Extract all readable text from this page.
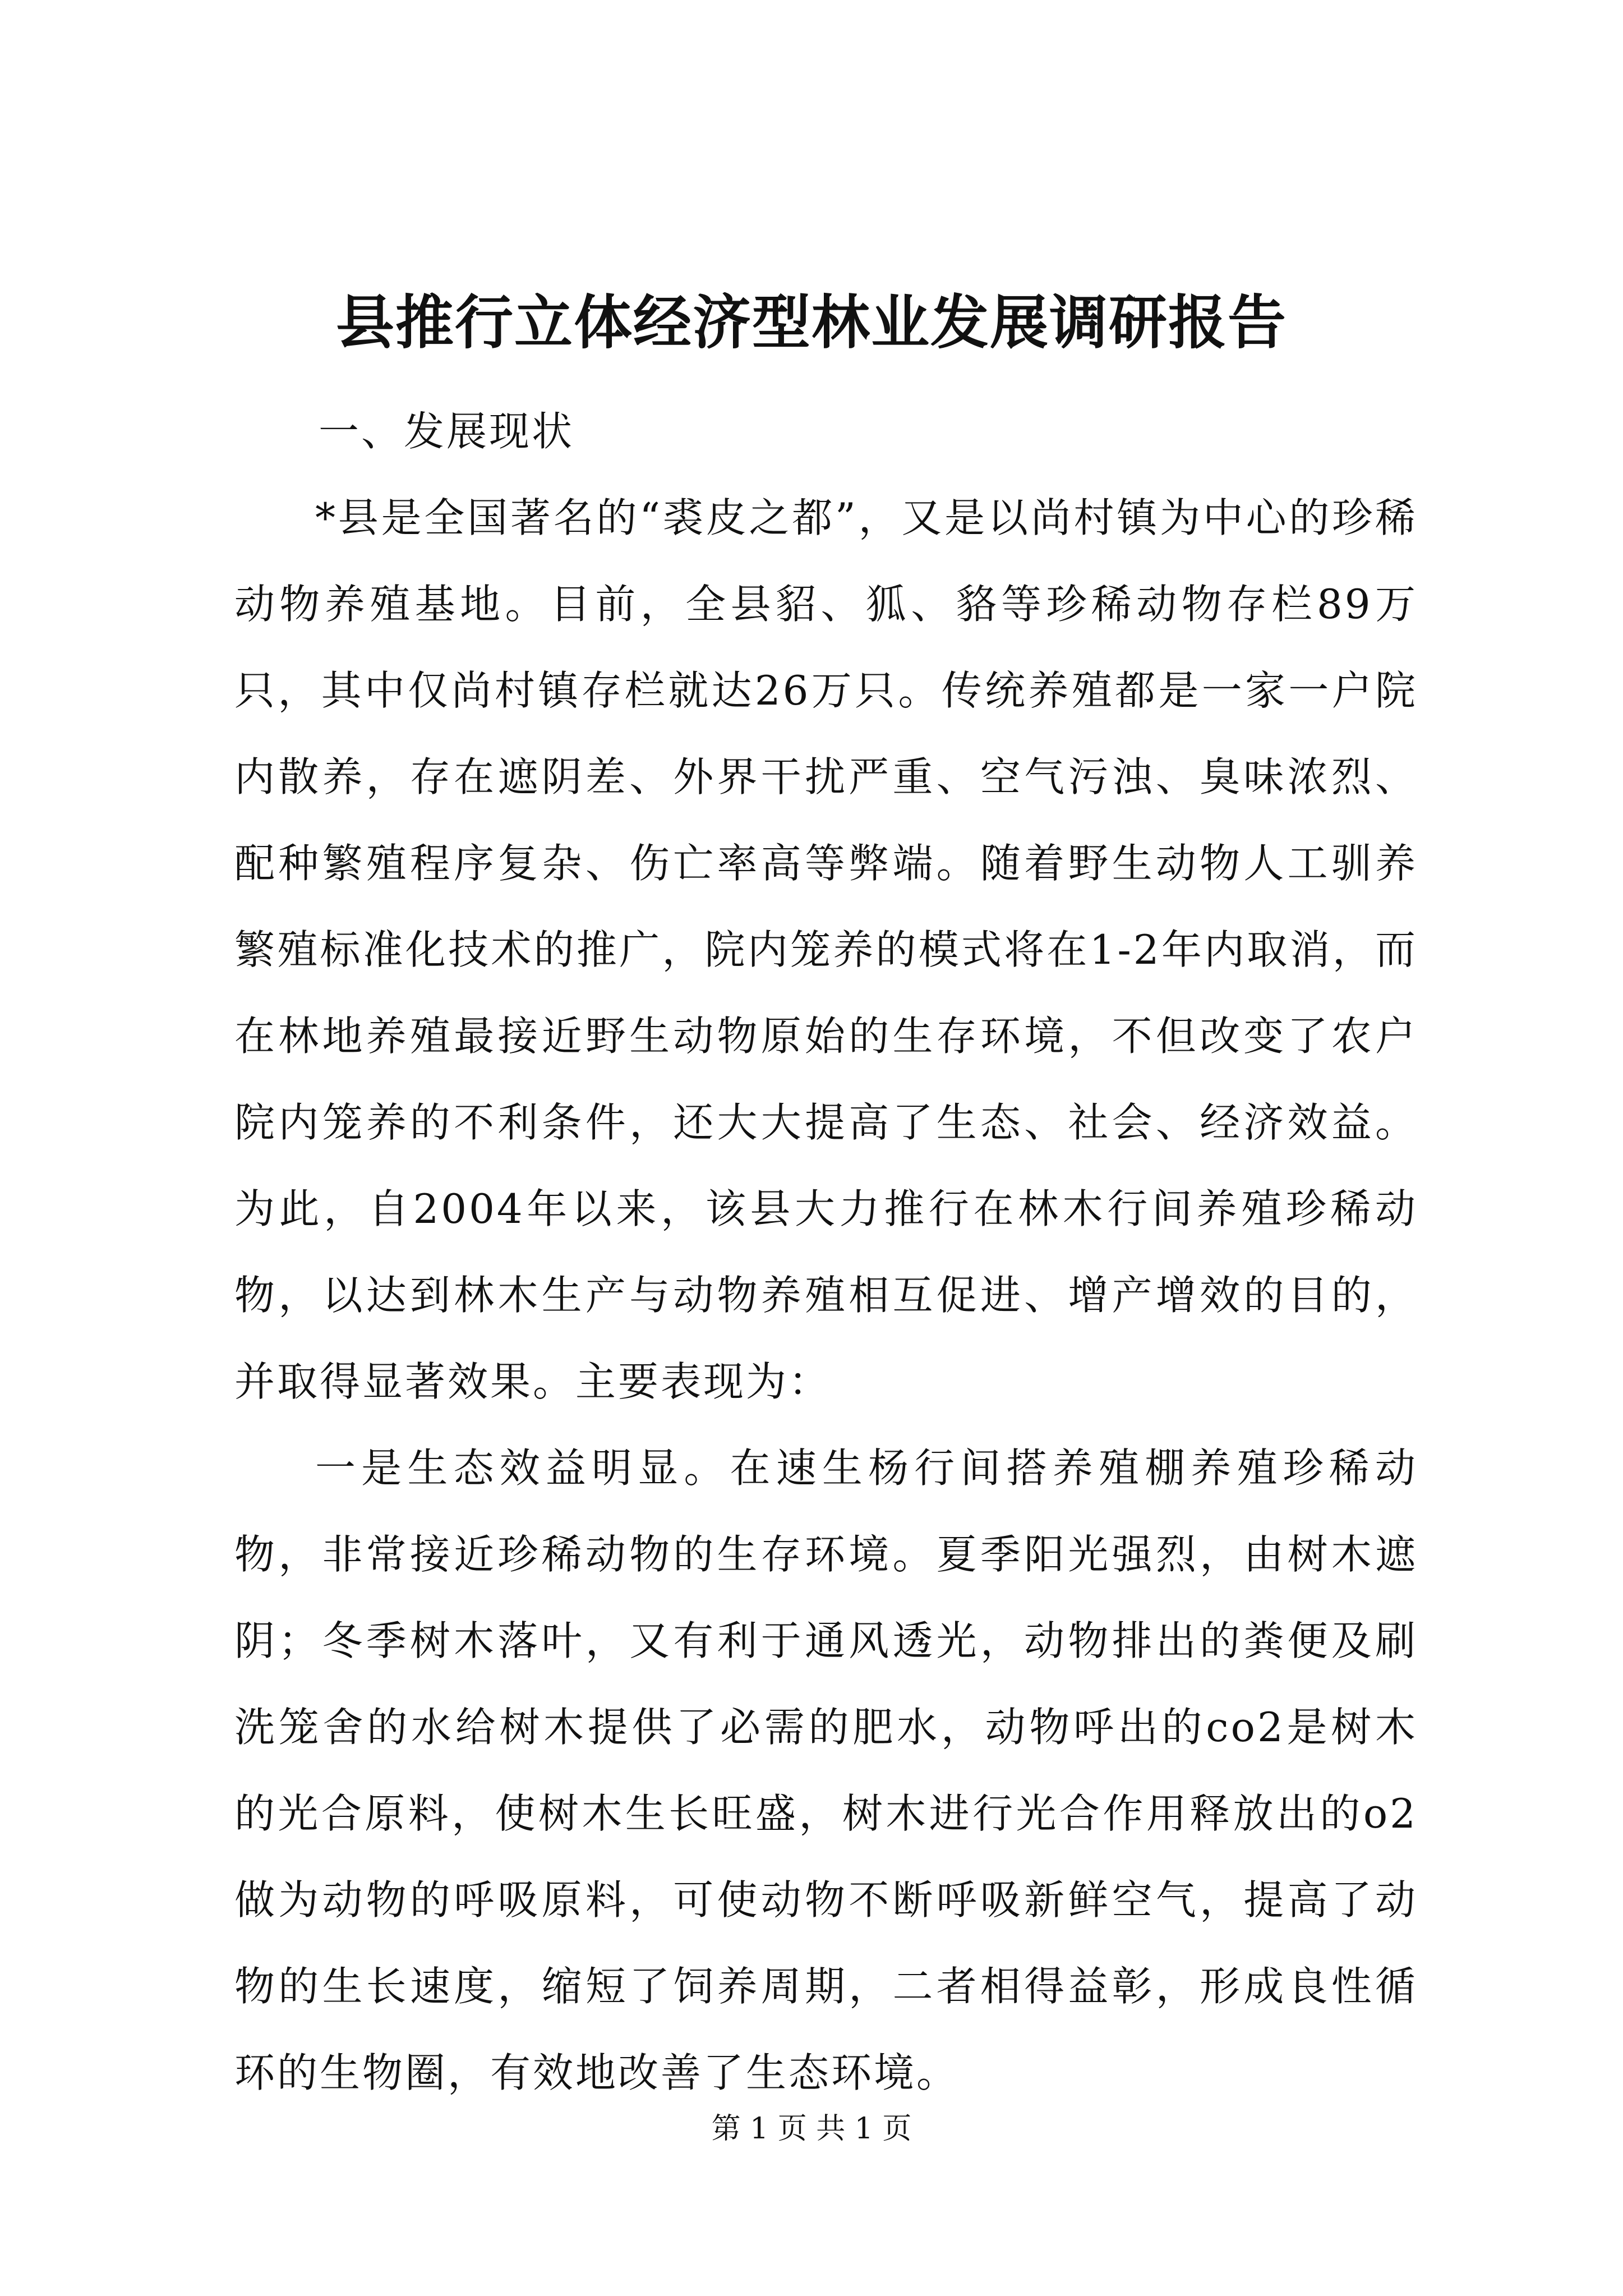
县推行立体经济型林业发展调研报告

一、发展现状

*县是全国著名的“裘皮之都”，又是以尚村镇为中心的珍稀动物养殖基地。目前，全县貂、狐、貉等珍稀动物存栏89万只，其中仅尚村镇存栏就达26万只。传统养殖都是一家一户院内散养，存在遮阴差、外界干扰严重、空气污浊、臭味浓烈、配种繁殖程序复杂、伤亡率高等弊端。随着野生动物人工驯养繁殖标准化技术的推广，院内笼养的模式将在1-2年内取消，而在林地养殖最接近野生动物原始的生存环境，不但改变了农户院内笼养的不利条件，还大大提高了生态、社会、经济效益。为此，自2004年以来，该县大力推行在林木行间养殖珍稀动物，以达到林木生产与动物养殖相互促进、增产增效的目的，并取得显著效果。主要表现为：

一是生态效益明显。在速生杨行间搭养殖棚养殖珍稀动物，非常接近珍稀动物的生存环境。夏季阳光强烈，由树木遮阴；冬季树木落叶，又有利于通风透光，动物排出的粪便及刷洗笼舍的水给树木提供了必需的肥水，动物呼出的co2是树木的光合原料，使树木生长旺盛，树木进行光合作用释放出的o2做为动物的呼吸原料，可使动物不断呼吸新鲜空气，提高了动物的生长速度，缩短了饲养周期，二者相得益彰，形成良性循环的生物圈，有效地改善了生态环境。

第 1 页 共 1 页
